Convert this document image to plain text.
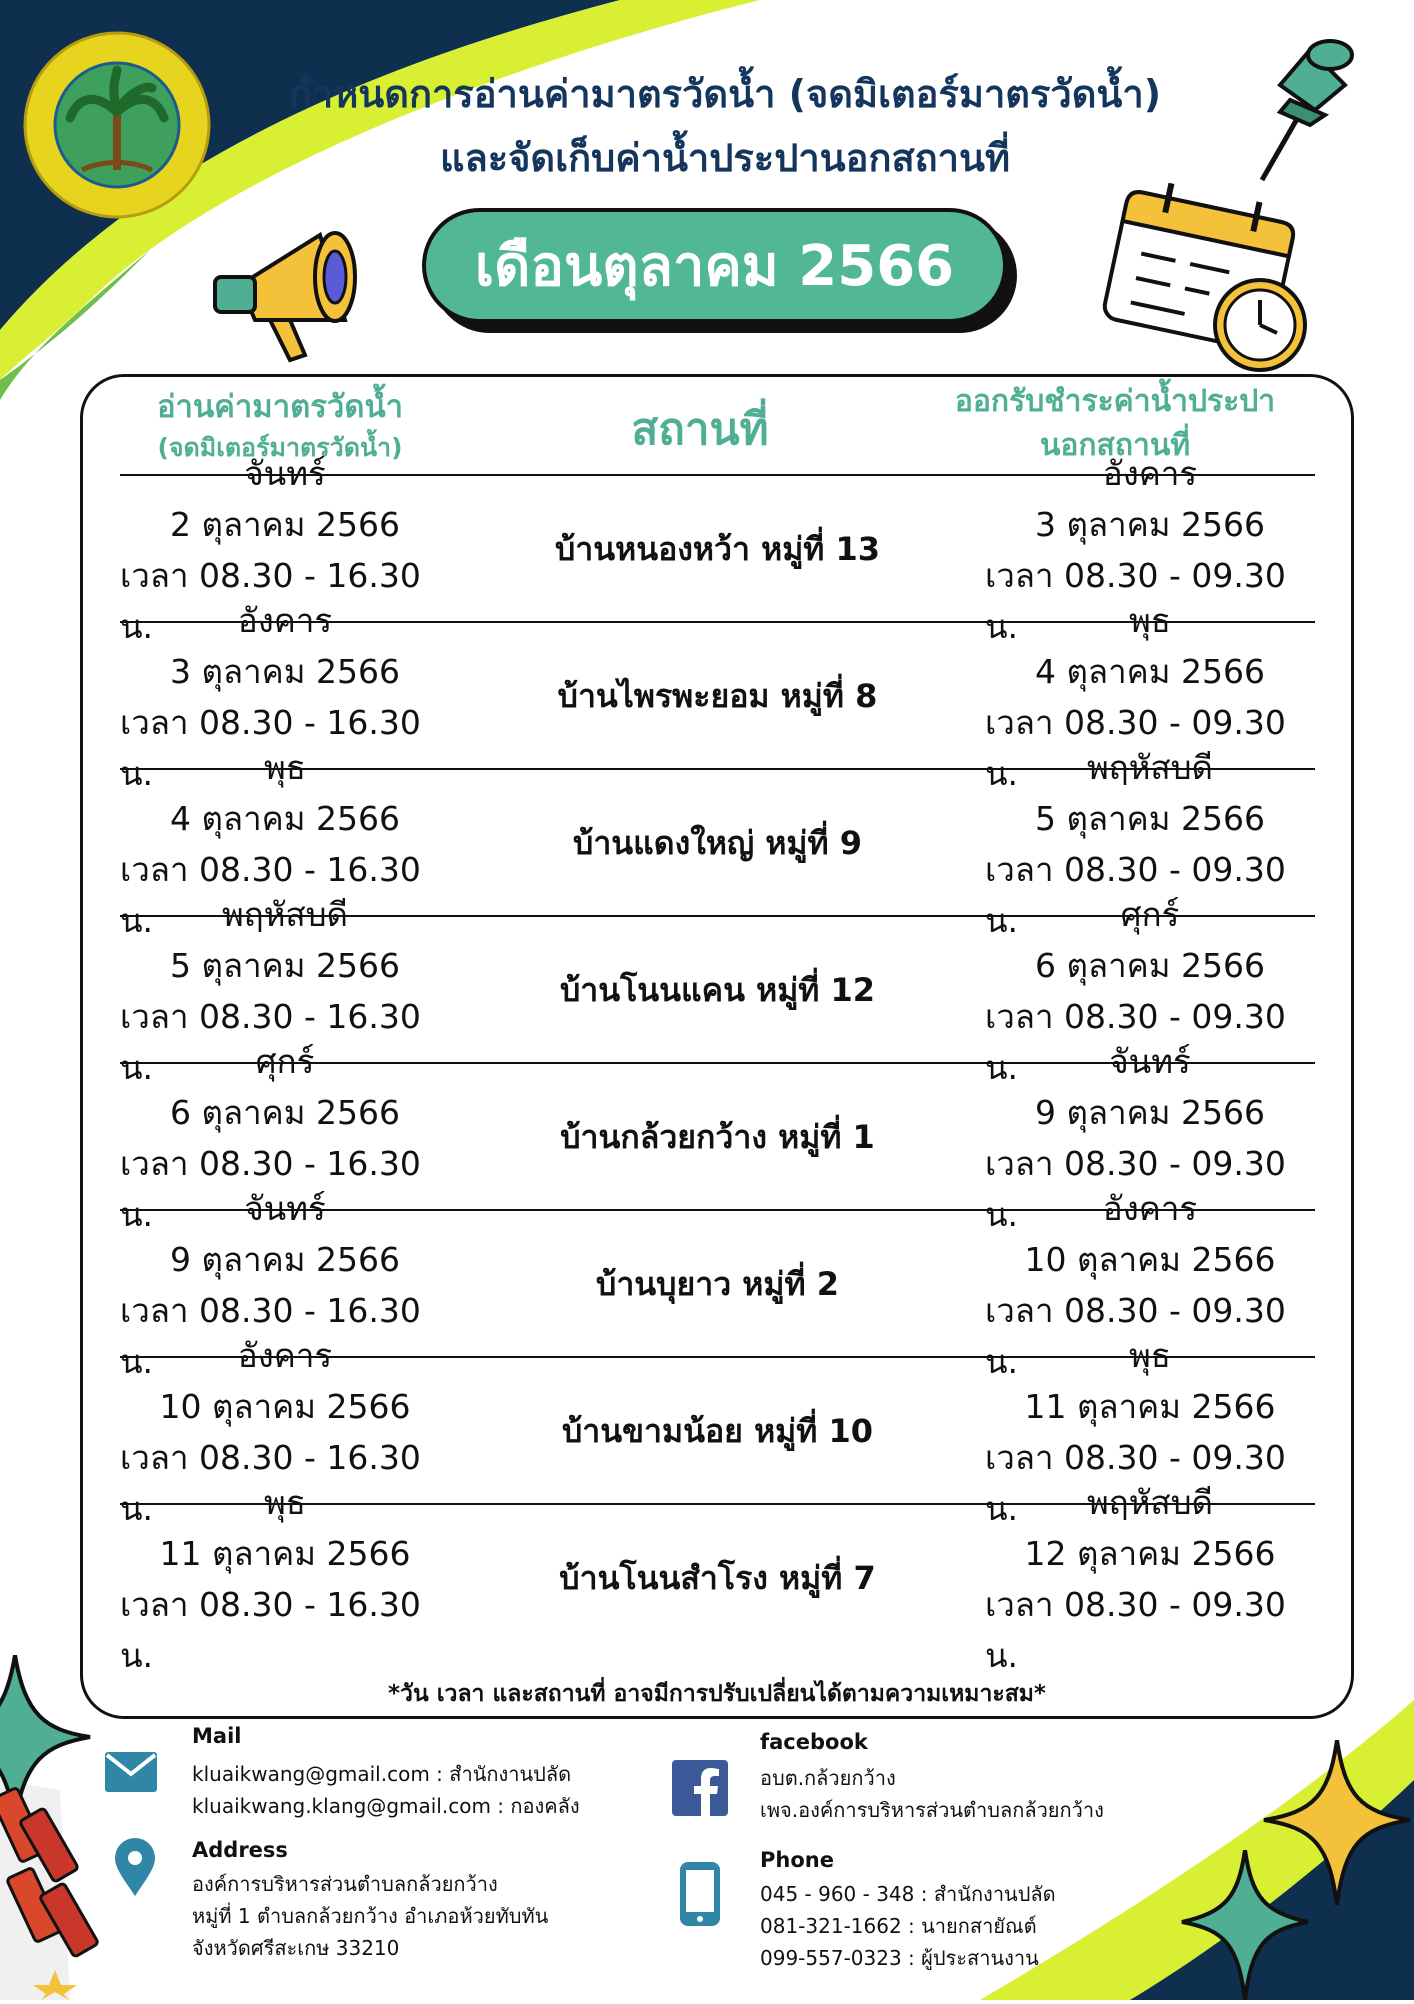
กำหนดการอ่านค่ามาตรวัดน้ำ (จดมิเตอร์มาตรวัดน้ำ)
และจัดเก็บค่าน้ำประปานอกสถานที่
เดือนตุลาคม 2566
อ่านค่ามาตรวัดน้ำ
(จดมิเตอร์มาตรวัดน้ำ)	สถานที่
ออกรับชำระค่าน้ำประปา
นอกสถานที่
จันทร์
2 ตุลาคม 2566
เวลา 08.30 - 16.30 น.
บ้านหนองหว้า หมู่ที่ 13
อังคาร
3 ตุลาคม 2566
เวลา 08.30 - 09.30 น.
อังคาร
3 ตุลาคม 2566
เวลา 08.30 - 16.30 น.
บ้านไพรพะยอม หมู่ที่ 8
พุธ
4 ตุลาคม 2566
เวลา 08.30 - 09.30 น.
พุธ
4 ตุลาคม 2566
เวลา 08.30 - 16.30 น.
บ้านแดงใหญ่ หมู่ที่ 9
พฤหัสบดี
5 ตุลาคม 2566
เวลา 08.30 - 09.30 น.
พฤหัสบดี
5 ตุลาคม 2566
เวลา 08.30 - 16.30 น.
บ้านโนนแคน หมู่ที่ 12
ศุกร์
6 ตุลาคม 2566
เวลา 08.30 - 09.30 น.
ศุกร์
6 ตุลาคม 2566
เวลา 08.30 - 16.30 น.
บ้านกล้วยกว้าง หมู่ที่ 1
จันทร์
9 ตุลาคม 2566
เวลา 08.30 - 09.30 น.
จันทร์
9 ตุลาคม 2566
เวลา 08.30 - 16.30 น.
บ้านบุยาว หมู่ที่ 2
อังคาร
10 ตุลาคม 2566
เวลา 08.30 - 09.30 น.
อังคาร
10 ตุลาคม 2566
เวลา 08.30 - 16.30 น.
บ้านขามน้อย หมู่ที่ 10
พุธ
11 ตุลาคม 2566
เวลา 08.30 - 09.30 น.
พุธ
11 ตุลาคม 2566
เวลา 08.30 - 16.30 น.
บ้านโนนสำโรง หมู่ที่ 7
พฤหัสบดี
12 ตุลาคม 2566
เวลา 08.30 - 09.30 น.
*วัน เวลา และสถานที่ อาจมีการปรับเปลี่ยนได้ตามความเหมาะสม*
Mail
kluaikwang@gmail.com : สำนักงานปลัด
kluaikwang.klang@gmail.com : กองคลัง
Address
องค์การบริหารส่วนตำบลกล้วยกว้าง
หมู่ที่ 1 ตำบลกล้วยกว้าง อำเภอห้วยทับทัน
จังหวัดศรีสะเกษ 33210
facebook
อบต.กล้วยกว้าง
เพจ.องค์การบริหารส่วนตำบลกล้วยกว้าง
Phone
045 - 960 - 348 : สำนักงานปลัด
081-321-1662 : นายกสายัณต์
099-557-0323 : ผู้ประสานงาน
